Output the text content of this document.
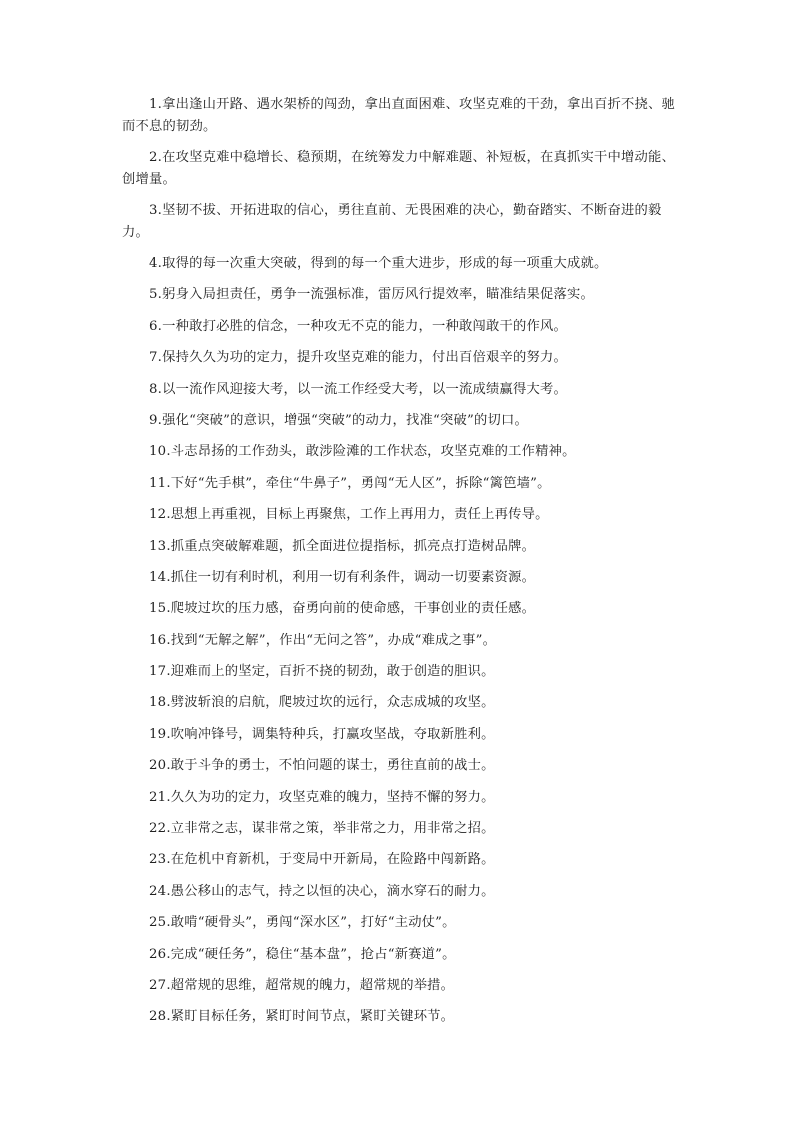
1.拿出逢山开路、遇水架桥的闯劲，拿出直面困难、攻坚克难的干劲，拿出百折不挠、驰而不息的韧劲。

2.在攻坚克难中稳增长、稳预期，在统筹发力中解难题、补短板，在真抓实干中增动能、创增量。

3.坚韧不拔、开拓进取的信心，勇往直前、无畏困难的决心，勤奋踏实、不断奋进的毅力。

4.取得的每一次重大突破，得到的每一个重大进步，形成的每一项重大成就。

5.躬身入局担责任，勇争一流强标准，雷厉风行提效率，瞄准结果促落实。

6.一种敢打必胜的信念，一种攻无不克的能力，一种敢闯敢干的作风。

7.保持久久为功的定力，提升攻坚克难的能力，付出百倍艰辛的努力。

8.以一流作风迎接大考，以一流工作经受大考，以一流成绩赢得大考。

9.强化“突破”的意识，增强“突破”的动力，找准“突破”的切口。

10.斗志昂扬的工作劲头，敢涉险滩的工作状态，攻坚克难的工作精神。

11.下好“先手棋”，牵住“牛鼻子”，勇闯“无人区”，拆除“篱笆墙”。

12.思想上再重视，目标上再聚焦，工作上再用力，责任上再传导。

13.抓重点突破解难题，抓全面进位提指标，抓亮点打造树品牌。

14.抓住一切有利时机，利用一切有利条件，调动一切要素资源。

15.爬坡过坎的压力感，奋勇向前的使命感，干事创业的责任感。

16.找到“无解之解”，作出“无问之答”，办成“难成之事”。

17.迎难而上的坚定，百折不挠的韧劲，敢于创造的胆识。

18.劈波斩浪的启航，爬坡过坎的远行，众志成城的攻坚。

19.吹响冲锋号，调集特种兵，打赢攻坚战，夺取新胜利。

20.敢于斗争的勇士，不怕问题的谋士，勇往直前的战士。

21.久久为功的定力，攻坚克难的魄力，坚持不懈的努力。

22.立非常之志，谋非常之策，举非常之力，用非常之招。

23.在危机中育新机，于变局中开新局，在险路中闯新路。

24.愚公移山的志气，持之以恒的决心，滴水穿石的耐力。

25.敢啃“硬骨头”，勇闯“深水区”，打好“主动仗”。

26.完成“硬任务”，稳住“基本盘”，抢占“新赛道”。

27.超常规的思维，超常规的魄力，超常规的举措。

28.紧盯目标任务，紧盯时间节点，紧盯关键环节。
